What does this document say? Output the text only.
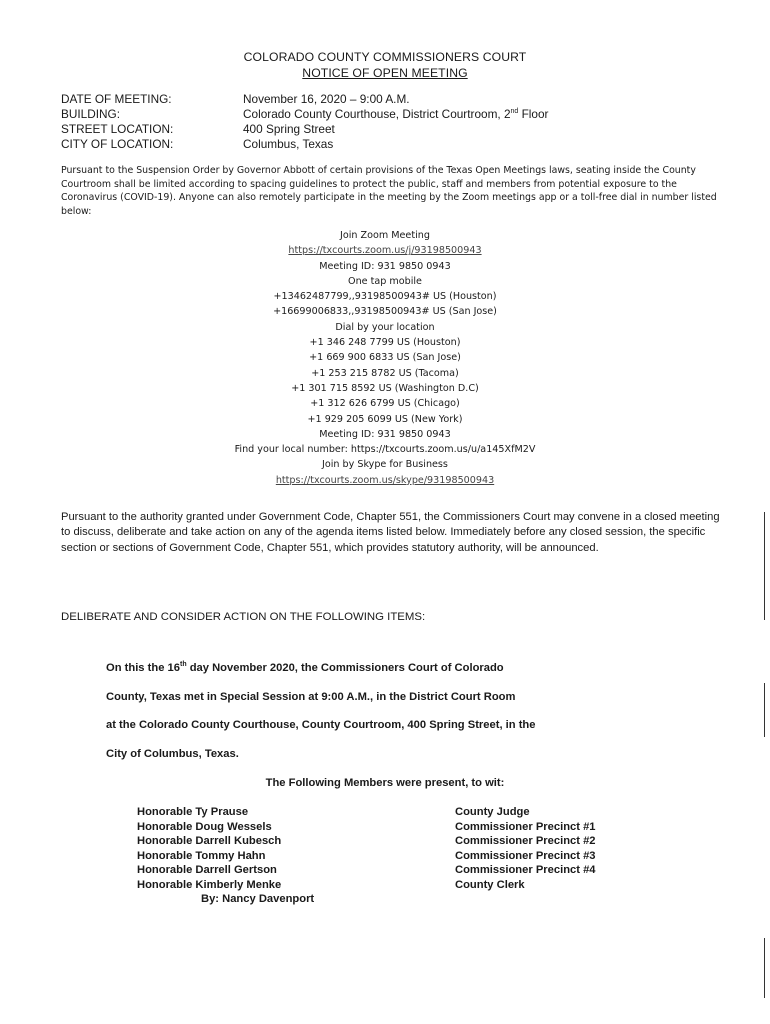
COLORADO COUNTY COMMISSIONERS COURT
NOTICE OF OPEN MEETING
DATE OF MEETING:	November 16, 2020 – 9:00 A.M.
BUILDING:	Colorado County Courthouse, District Courtroom, 2nd Floor
STREET LOCATION:	400 Spring Street
CITY OF LOCATION:	Columbus, Texas
Pursuant to the Suspension Order by Governor Abbott of certain provisions of the Texas Open Meetings laws, seating inside the County Courtroom shall be limited according to spacing guidelines to protect the public, staff and members from potential exposure to the Coronavirus (COVID-19). Anyone can also remotely participate in the meeting by the Zoom meetings app or a toll-free dial in number listed below:
Join Zoom Meeting
https://txcourts.zoom.us/j/93198500943
Meeting ID: 931 9850 0943
One tap mobile
+13462487799,,93198500943# US (Houston)
+16699006833,,93198500943# US (San Jose)
Dial by your location
+1 346 248 7799 US (Houston)
+1 669 900 6833 US (San Jose)
+1 253 215 8782 US (Tacoma)
+1 301 715 8592 US (Washington D.C)
+1 312 626 6799 US (Chicago)
+1 929 205 6099 US (New York)
Meeting ID: 931 9850 0943
Find your local number: https://txcourts.zoom.us/u/a145XfM2V
Join by Skype for Business
https://txcourts.zoom.us/skype/93198500943
Pursuant to the authority granted under Government Code, Chapter 551, the Commissioners Court may convene in a closed meeting to discuss, deliberate and take action on any of the agenda items listed below. Immediately before any closed session, the specific section or sections of Government Code, Chapter 551, which provides statutory authority, will be announced.
DELIBERATE AND CONSIDER ACTION ON THE FOLLOWING ITEMS:
On this the 16th day November 2020, the Commissioners Court of Colorado
County, Texas met in Special Session at 9:00 A.M., in the District Court Room
at the Colorado County Courthouse, County Courtroom, 400 Spring Street, in the
City of Columbus, Texas.
The Following Members were present, to wit:
Honorable Ty Prause	County Judge
Honorable Doug Wessels	Commissioner Precinct #1
Honorable Darrell Kubesch	Commissioner Precinct #2
Honorable Tommy Hahn	Commissioner Precinct #3
Honorable Darrell Gertson	Commissioner Precinct #4
Honorable Kimberly Menke	County Clerk
By: Nancy Davenport
